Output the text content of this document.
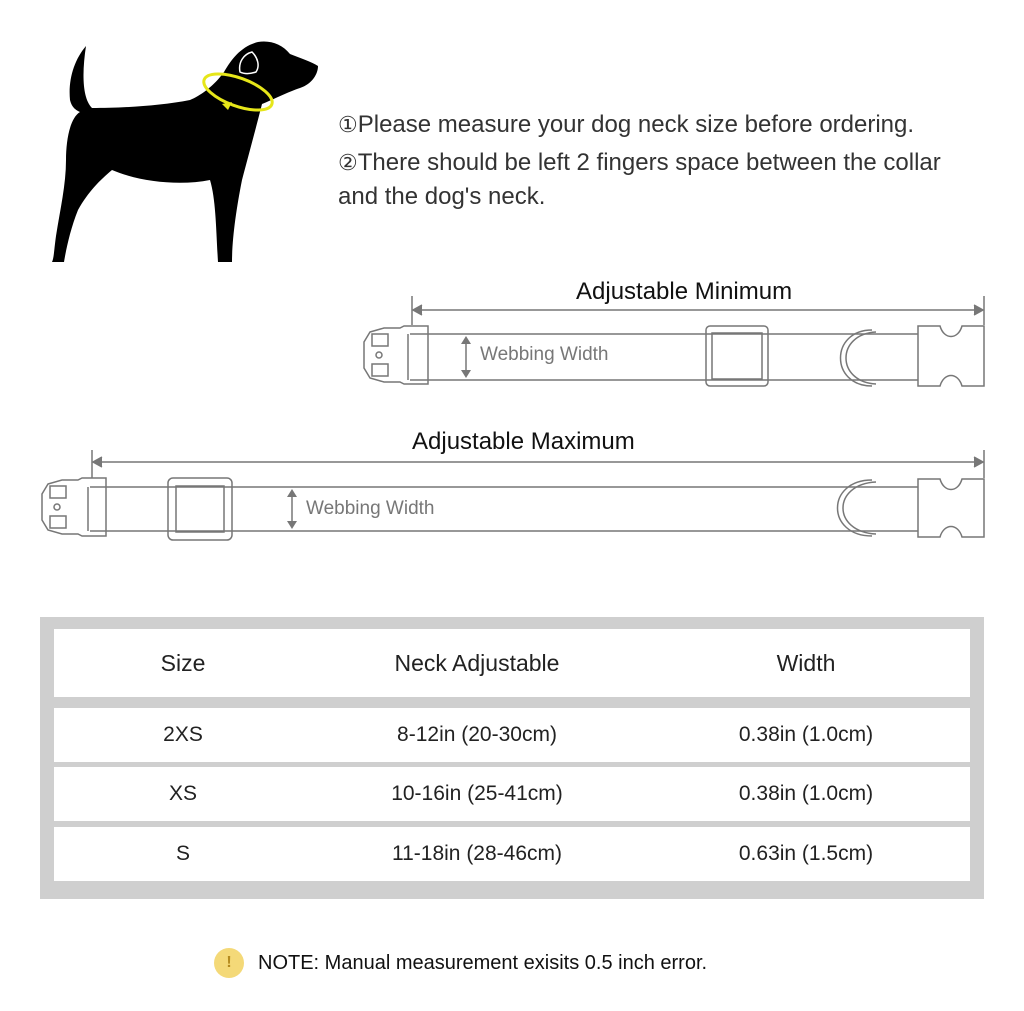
①Please measure your dog neck size before ordering.

②There should be left 2 fingers space between the collar and the dog's neck.

Adjustable Minimum
Webbing Width
Adjustable Maximum
Webbing Width
Size	Neck Adjustable	Width
2XS	8-12in (20-30cm)	0.38in (1.0cm)
XS	10-16in (25-41cm)	0.38in (1.0cm)
S	11-18in (28-46cm)	0.63in (1.5cm)
!	NOTE: Manual measurement exisits 0.5 inch error.
